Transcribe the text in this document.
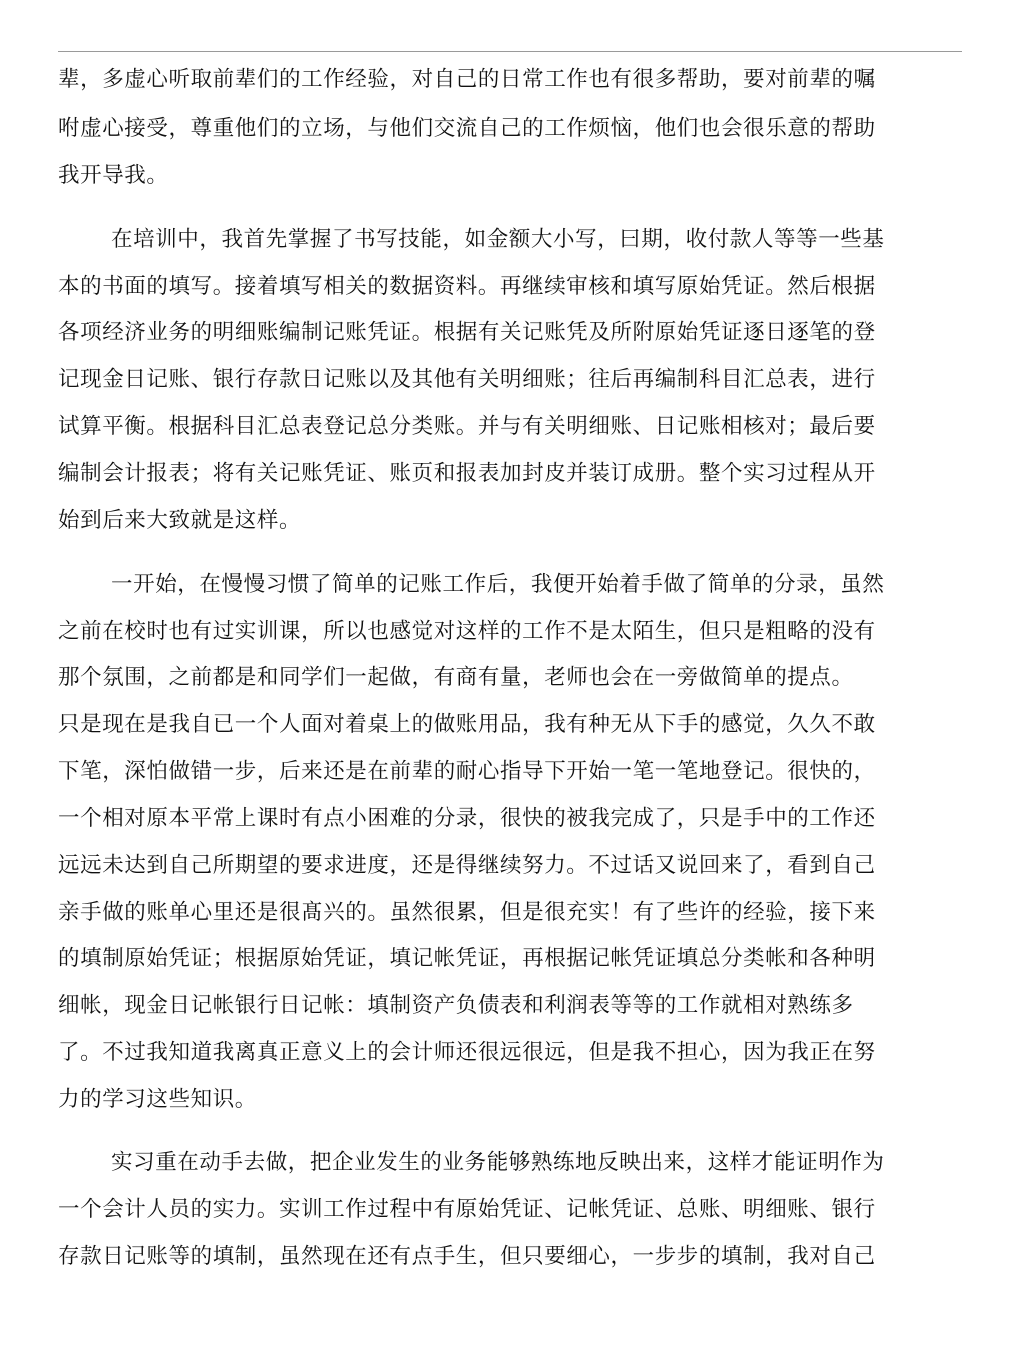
辈，多虚心听取前辈们的工作经验，对自己的日常工作也有很多帮助，要对前辈的嘱
咐虚心接受，尊重他们的立场，与他们交流自己的工作烦恼，他们也会很乐意的帮助
我开导我。
在培训中，我首先掌握了书写技能，如金额大小写，曰期，收付款人等等一些基
本的书面的填写。接着填写相关的数据资料。再继续审核和填写原始凭证。然后根据
各项经济业务的明细账编制记账凭证。根据有关记账凭及所附原始凭证逐日逐笔的登
记现金日记账、银行存款日记账以及其他有关明细账；往后再编制科目汇总表，进行
试算平衡。根据科目汇总表登记总分类账。并与有关明细账、日记账相核对；最后要
编制会计报表；将有关记账凭证、账页和报表加封皮并装订成册。整个实习过程从开
始到后来大致就是这样。
一开始，在慢慢习惯了简单的记账工作后，我便开始着手做了简单的分录，虽然
之前在校时也有过实训课，所以也感觉对这样的工作不是太陌生，但只是粗略的没有
那个氛围，之前都是和同学们一起做，有商有量，老师也会在一旁做简单的提点。
只是现在是我自已一个人面对着桌上的做账用品，我有种无从下手的感觉，久久不敢
下笔，深怕做错一步，后来还是在前辈的耐心指导下开始一笔一笔地登记。很快的，
一个相对原本平常上课时有点小困难的分录，很快的被我完成了，只是手中的工作还
远远未达到自己所期望的要求进度，还是得继续努力。不过话又说回来了，看到自己
亲手做的账单心里还是很髙兴的。虽然很累，但是很充实！有了些许的经验，接下来
的填制原始凭证；根据原始凭证，填记帐凭证，再根据记帐凭证填总分类帐和各种明
细帐，现金日记帐银行日记帐：填制资产负债表和利润表等等的工作就相对熟练多
了。不过我知道我离真正意义上的会计师还很远很远，但是我不担心，因为我正在努
力的学习这些知识。
实习重在动手去做，把企业发生的业务能够熟练地反映出来，这样才能证明作为
一个会计人员的实力。实训工作过程中有原始凭证、记帐凭证、总账、明细账、银行
存款日记账等的填制，虽然现在还有点手生，但只要细心，一步步的填制，我对自己
